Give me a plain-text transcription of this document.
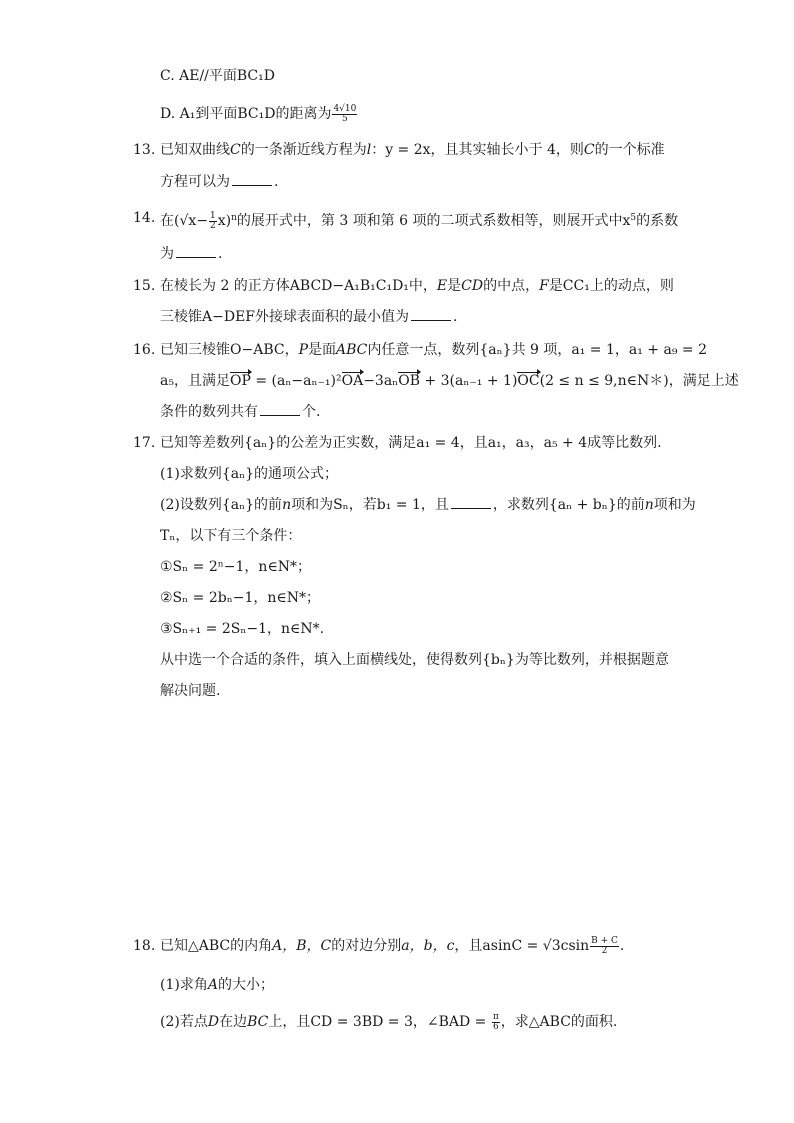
C. AE//平面BC₁D
D. A₁到平面BC₁D的距离为 $\frac{4√10}{5}$
13. 已知双曲线C的一条渐近线方程为l：y = 2x，且其实轴长小于 4，则C的一个标准
方程可以为	.
14. 在$(√x- \frac{1}{2} x)^n$的展开式中，第 3 项和第 6 项的二项式系数相等，则展开式中$x^5$的系数
为	.
15. 在棱长为 2 的正方体ABCD−A₁B₁C₁D₁中，E是CD的中点，F是CC₁上的动点，则
三棱锥A−DEF外接球表面积的最小值为	.
16. 已知三棱锥O−ABC，P是面ABC内任意一点，数列{aₙ}共 9 项，a₁ = 1，a₁ + a₉ = 2
a₅，且满足OP = (aₙ−aₙ₋₁)²OA−3aₙOB + 3(aₙ₋₁ + 1)OC(2 ≤ n ≤ 9,n∈N＊)，满足上述
条件的数列共有	个.
17. 已知等差数列{aₙ}的公差为正实数，满足a₁ = 4，且a₁，a₃，a₅ + 4成等比数列.
(1)求数列{aₙ}的通项公式；
(2)设数列{aₙ}的前n项和为Sₙ，若b₁ = 1，且	，求数列{aₙ + bₙ}的前n项和为
Tₙ，以下有三个条件：
①Sₙ = 2ⁿ−1，n∈N*；
②Sₙ = 2bₙ−1，n∈N*；
③Sₙ₊₁ = 2Sₙ−1，n∈N*.
从中选一个合适的条件，填入上面横线处，使得数列{bₙ}为等比数列，并根据题意
解决问题.
18. 已知△ABC的内角A，B，C的对边分别a，b，c，且$asinC = √3csin \frac{B + C}{2}$ .
(1)求角A的大小；
(2)若点D在边BC上，且CD = 3BD = 3，∠BAD = $\frac{\pi}{6}$ ，求△ABC的面积.
